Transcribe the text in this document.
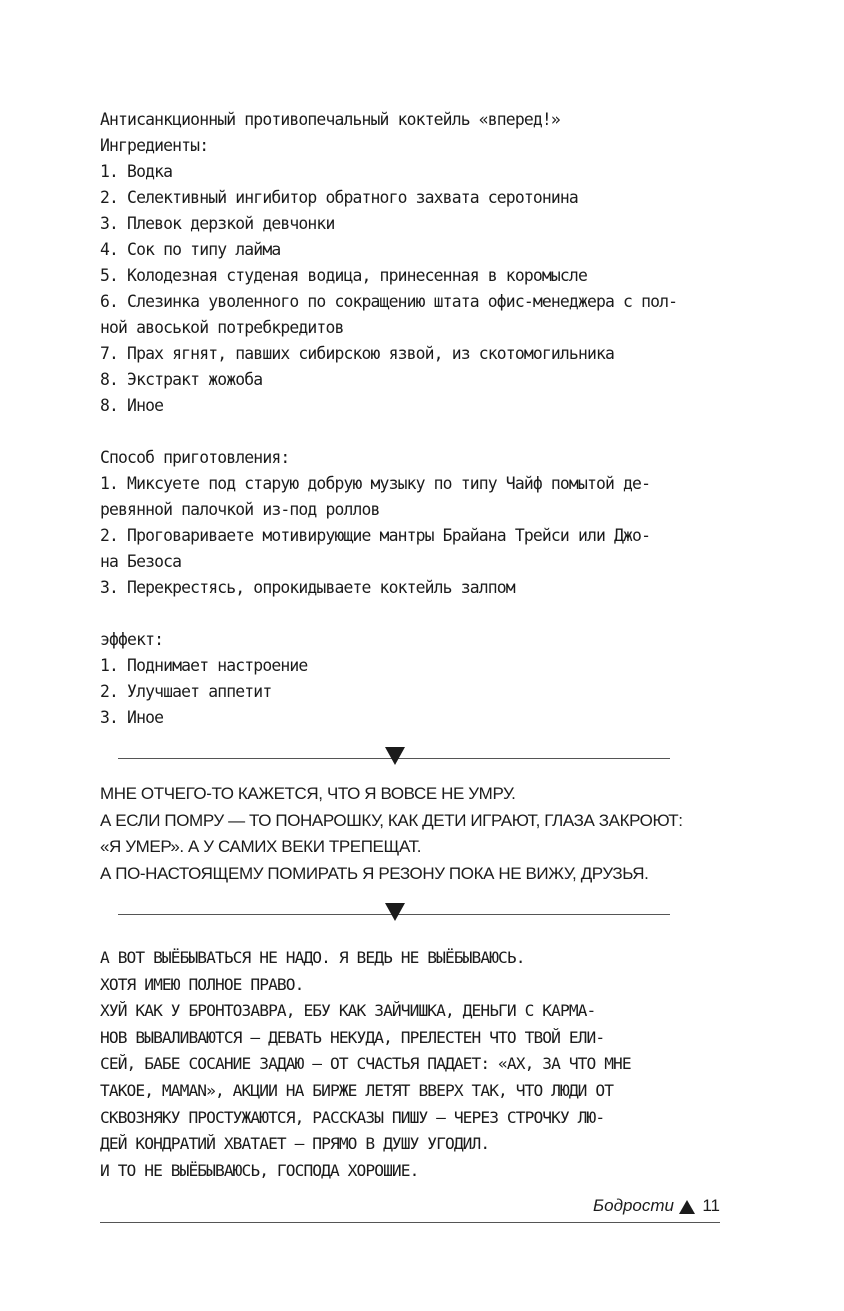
Антисанкционный противопечальный коктейль «вперед!»

Ингредиенты:

1. Водка

2. Селективный ингибитор обратного захвата серотонина

3. Плевок дерзкой девчонки

4. Сок по типу лайма

5. Колодезная студеная водица, принесенная в коромысле

6. Слезинка уволенного по сокращению штата офис-менеджера с пол-

ной авоськой потребкредитов

7. Прах ягнят, павших сибирскою язвой, из скотомогильника

8. Экстракт жожоба

8. Иное

Способ приготовления:

1. Миксуете под старую добрую музыку по типу Чайф помытой де-

ревянной палочкой из-под роллов

2. Проговариваете мотивирующие мантры Брайана Трейси или Джо-

на Безоса

3. Перекрестясь, опрокидываете коктейль залпом

эффект:

1. Поднимает настроение

2. Улучшает аппетит

3. Иное

МНЕ ОТЧЕГО-ТО КАЖЕТСЯ, ЧТО Я ВОВСЕ НЕ УМРУ.

А ЕСЛИ ПОМРУ — ТО ПОНАРОШКУ, КАК ДЕТИ ИГРАЮТ, ГЛАЗА ЗАКРОЮТ:

«Я УМЕР». А У САМИХ ВЕКИ ТРЕПЕЩАТ.

А ПО-НАСТОЯЩЕМУ ПОМИРАТЬ Я РЕЗОНУ ПОКА НЕ ВИЖУ, ДРУЗЬЯ.

А ВОТ ВЫЁБЫВАТЬСЯ НЕ НАДО. Я ВЕДЬ НЕ ВЫЁБЫВАЮСЬ.

ХОТЯ ИМЕЮ ПОЛНОЕ ПРАВО.

ХУЙ КАК У БРОНТОЗАВРА, ЕБУ КАК ЗАЙЧИШКА, ДЕНЬГИ С КАРМА-

НОВ ВЫВАЛИВАЮТСЯ — ДЕВАТЬ НЕКУДА, ПРЕЛЕСТЕН ЧТО ТВОЙ ЕЛИ-

СЕЙ, БАБЕ СОСАНИЕ ЗАДАЮ — ОТ СЧАСТЬЯ ПАДАЕТ: «АХ, ЗА ЧТО МНЕ

ТАКОЕ, MAMAN», АКЦИИ НА БИРЖЕ ЛЕТЯТ ВВЕРХ ТАК, ЧТО ЛЮДИ ОТ

СКВОЗНЯКУ ПРОСТУЖАЮТСЯ, РАССКАЗЫ ПИШУ — ЧЕРЕЗ СТРОЧКУ ЛЮ-

ДЕЙ КОНДРАТИЙ ХВАТАЕТ — ПРЯМО В ДУШУ УГОДИЛ.

И ТО НЕ ВЫЁБЫВАЮСЬ, ГОСПОДА ХОРОШИЕ.

Бодрости 11
